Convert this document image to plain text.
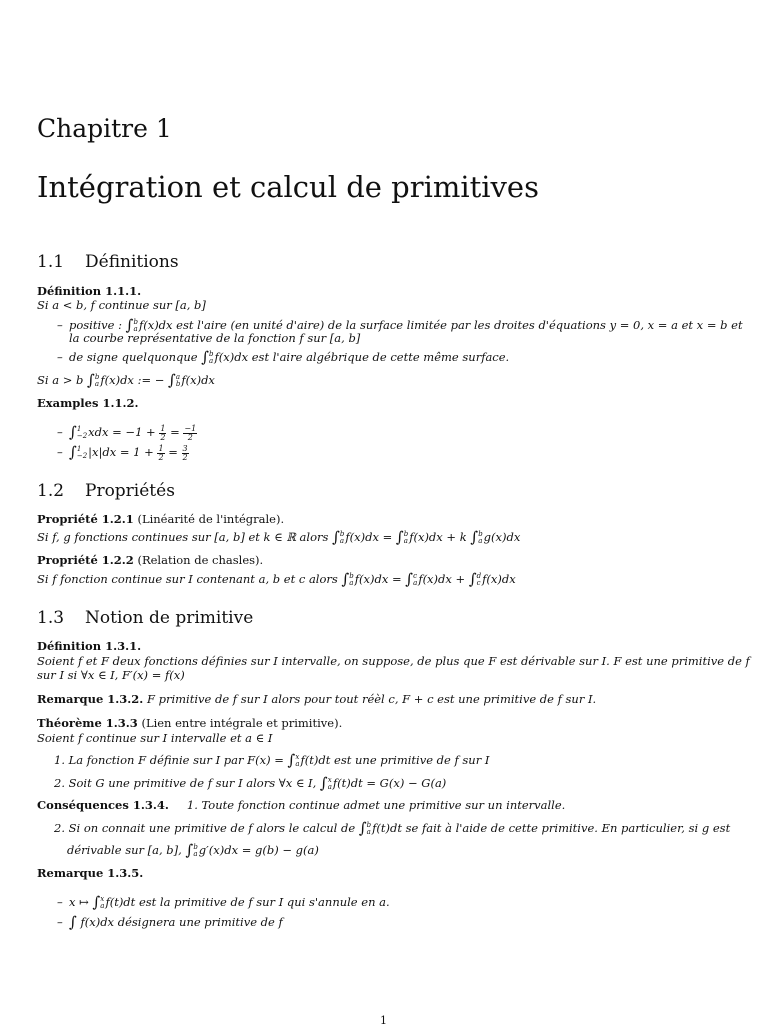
Chapitre 1
Intégration et calcul de primitives
1.1 Définitions
Définition 1.1.1.
Si a < b, f continue sur [a, b]
– positive : ∫ b
a f(x)dx est l'aire (en unité d'aire) de la surface limitée par les droites d'équations y = 0, x = a et x = b et
la courbe représentative de la fonction f sur [a, b]
– de signe quelquonque ∫ b
a f(x)dx est l'aire algébrique de cette même surface.
Si a > b ∫ b
a f(x)dx := − ∫ a
b f(x)dx
Examples 1.1.2.
– ∫ 1
−2 xdx = $-1 + \frac{1}{2} = \frac{-1}{2}$
– ∫ 1
−2 $|x|dx = 1 + \frac{1}{2} = \frac{3}{2}$
1.2 Propriétés
Propriété 1.2.1 (Linéarité de l'intégrale).
Si f, g fonctions continues sur [a, b] et k ∈ ℝ alors ∫ b
a f(x)dx = ∫ b
a f(x)dx + k ∫ b
a g(x)dx
Propriété 1.2.2 (Relation de chasles).
Si f fonction continue sur I contenant a, b et c alors ∫ b
a f(x)dx = ∫ c
a f(x)dx + ∫ d
c f(x)dx
1.3 Notion de primitive
Définition 1.3.1.
Soient f et F deux fonctions définies sur I intervalle, on suppose, de plus que F est dérivable sur I. F est une primitive de f
sur I si ∀x ∈ I, F′(x) = f(x)
Remarque 1.3.2. F primitive de f sur I alors pour tout réèl c, F + c est une primitive de f sur I.
Théorème 1.3.3 (Lien entre intégrale et primitive).
Soient f continue sur I intervalle et a ∈ I
1. La fonction F définie sur I par F(x) = ∫ x
a f(t)dt est une primitive de f sur I
2. Soit G une primitive de f sur I alors ∀x ∈ I, ∫ x
a f(t)dt = G(x) − G(a)
Conséquences 1.3.4. 1. Toute fonction continue admet une primitive sur un intervalle.
2. Si on connait une primitive de f alors le calcul de ∫ b
a f(t)dt se fait à l'aide de cette primitive. En particulier, si g est
dérivable sur [a, b], ∫ b
a g′(x)dx = g(b) − g(a)
Remarque 1.3.5.
– x ↦ ∫ x
a f(t)dt est la primitive de f sur I qui s'annule en a.
– ∫ f(x)dx désignera une primitive de f
1
